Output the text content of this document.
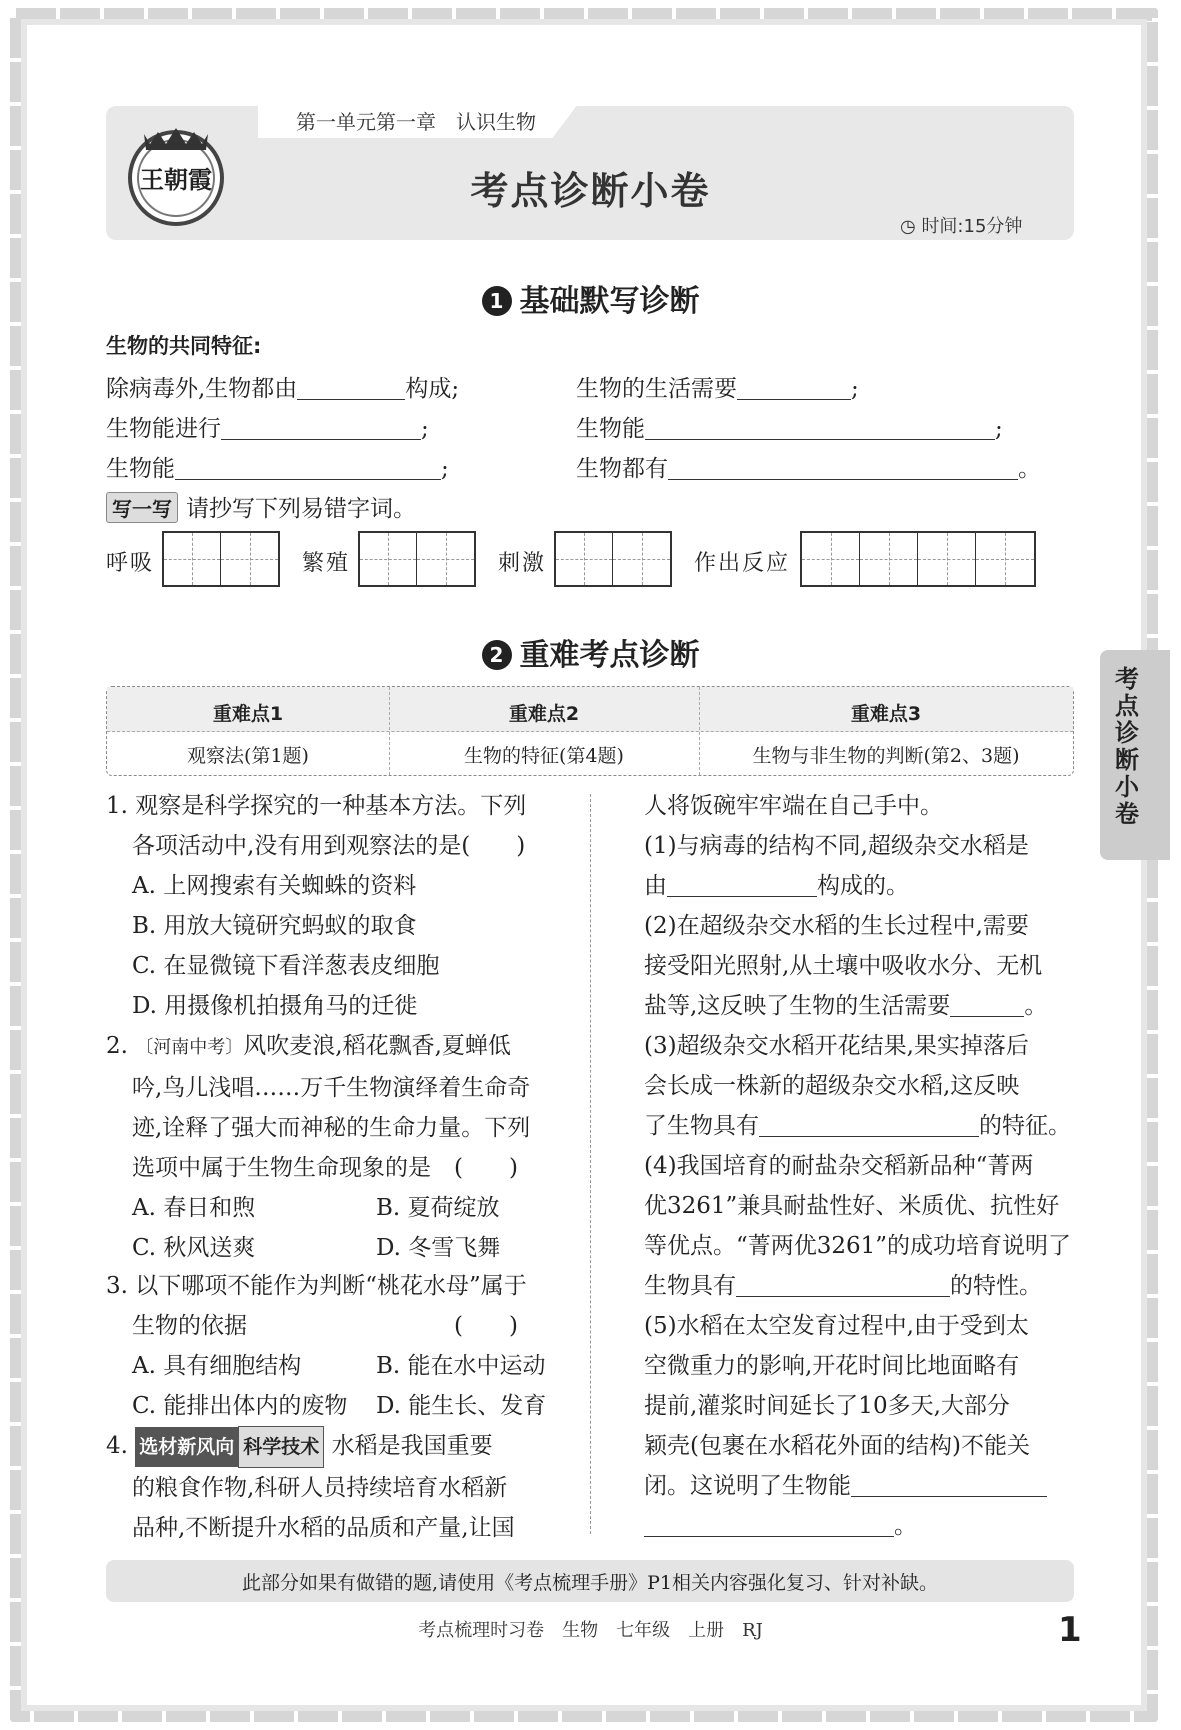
第一单元第一章　认识生物
王朝霞	考点诊断小卷
◷ 时间:15分钟
1 基础默写诊断
生物的共同特征:
除病毒外,生物都由	构成;	生物的生活需要	;
生物能进行	;	生物能	;
生物能	;	生物都有	。
写一写 请抄写下列易错字词。
呼吸	繁殖	刺激	作出反应
2 重难考点诊断
重难点1	重难点2	重难点3
观察法(第1题)	生物的特征(第4题)	生物与非生物的判断(第2、3题)
1. 观察是科学探究的一种基本方法。下列
各项活动中,没有用到观察法的是(　　)
A. 上网搜索有关蜘蛛的资料
B. 用放大镜研究蚂蚁的取食
C. 在显微镜下看洋葱表皮细胞
D. 用摄像机拍摄角马的迁徙
2. 〔河南中考〕风吹麦浪,稻花飘香,夏蝉低
吟,鸟儿浅唱……万千生物演绎着生命奇
迹,诠释了强大而神秘的生命力量。下列
选项中属于生物生命现象的是　(　　)
A. 春日和煦	B. 夏荷绽放
C. 秋风送爽	D. 冬雪飞舞
3. 以下哪项不能作为判断“桃花水母”属于
生物的依据　　　　　　　　　(　　)
A. 具有细胞结构	B. 能在水中运动
C. 能排出体内的废物 D. 能生长、发育
4. 选材新风向 科学技术 水稻是我国重要
的粮食作物,科研人员持续培育水稻新
品种,不断提升水稻的品质和产量,让国
人将饭碗牢牢端在自己手中。
(1)与病毒的结构不同,超级杂交水稻是
由	构成的。
(2)在超级杂交水稻的生长过程中,需要
接受阳光照射,从土壤中吸收水分、无机
盐等,这反映了生物的生活需要	。
(3)超级杂交水稻开花结果,果实掉落后
会长成一株新的超级杂交水稻,这反映
了生物具有	的特征。
(4)我国培育的耐盐杂交稻新品种“菁两
优3261”兼具耐盐性好、米质优、抗性好
等优点。“菁两优3261”的成功培育说明了
生物具有	的特性。
(5)水稻在太空发育过程中,由于受到太
空微重力的影响,开花时间比地面略有
提前,灌浆时间延长了10多天,大部分
颖壳(包裹在水稻花外面的结构)不能关
闭。这说明了生物能
。
考点诊断小卷
此部分如果有做错的题,请使用《考点梳理手册》P1相关内容强化复习、针对补缺。
考点梳理时习卷　生物　七年级　上册　RJ	1
